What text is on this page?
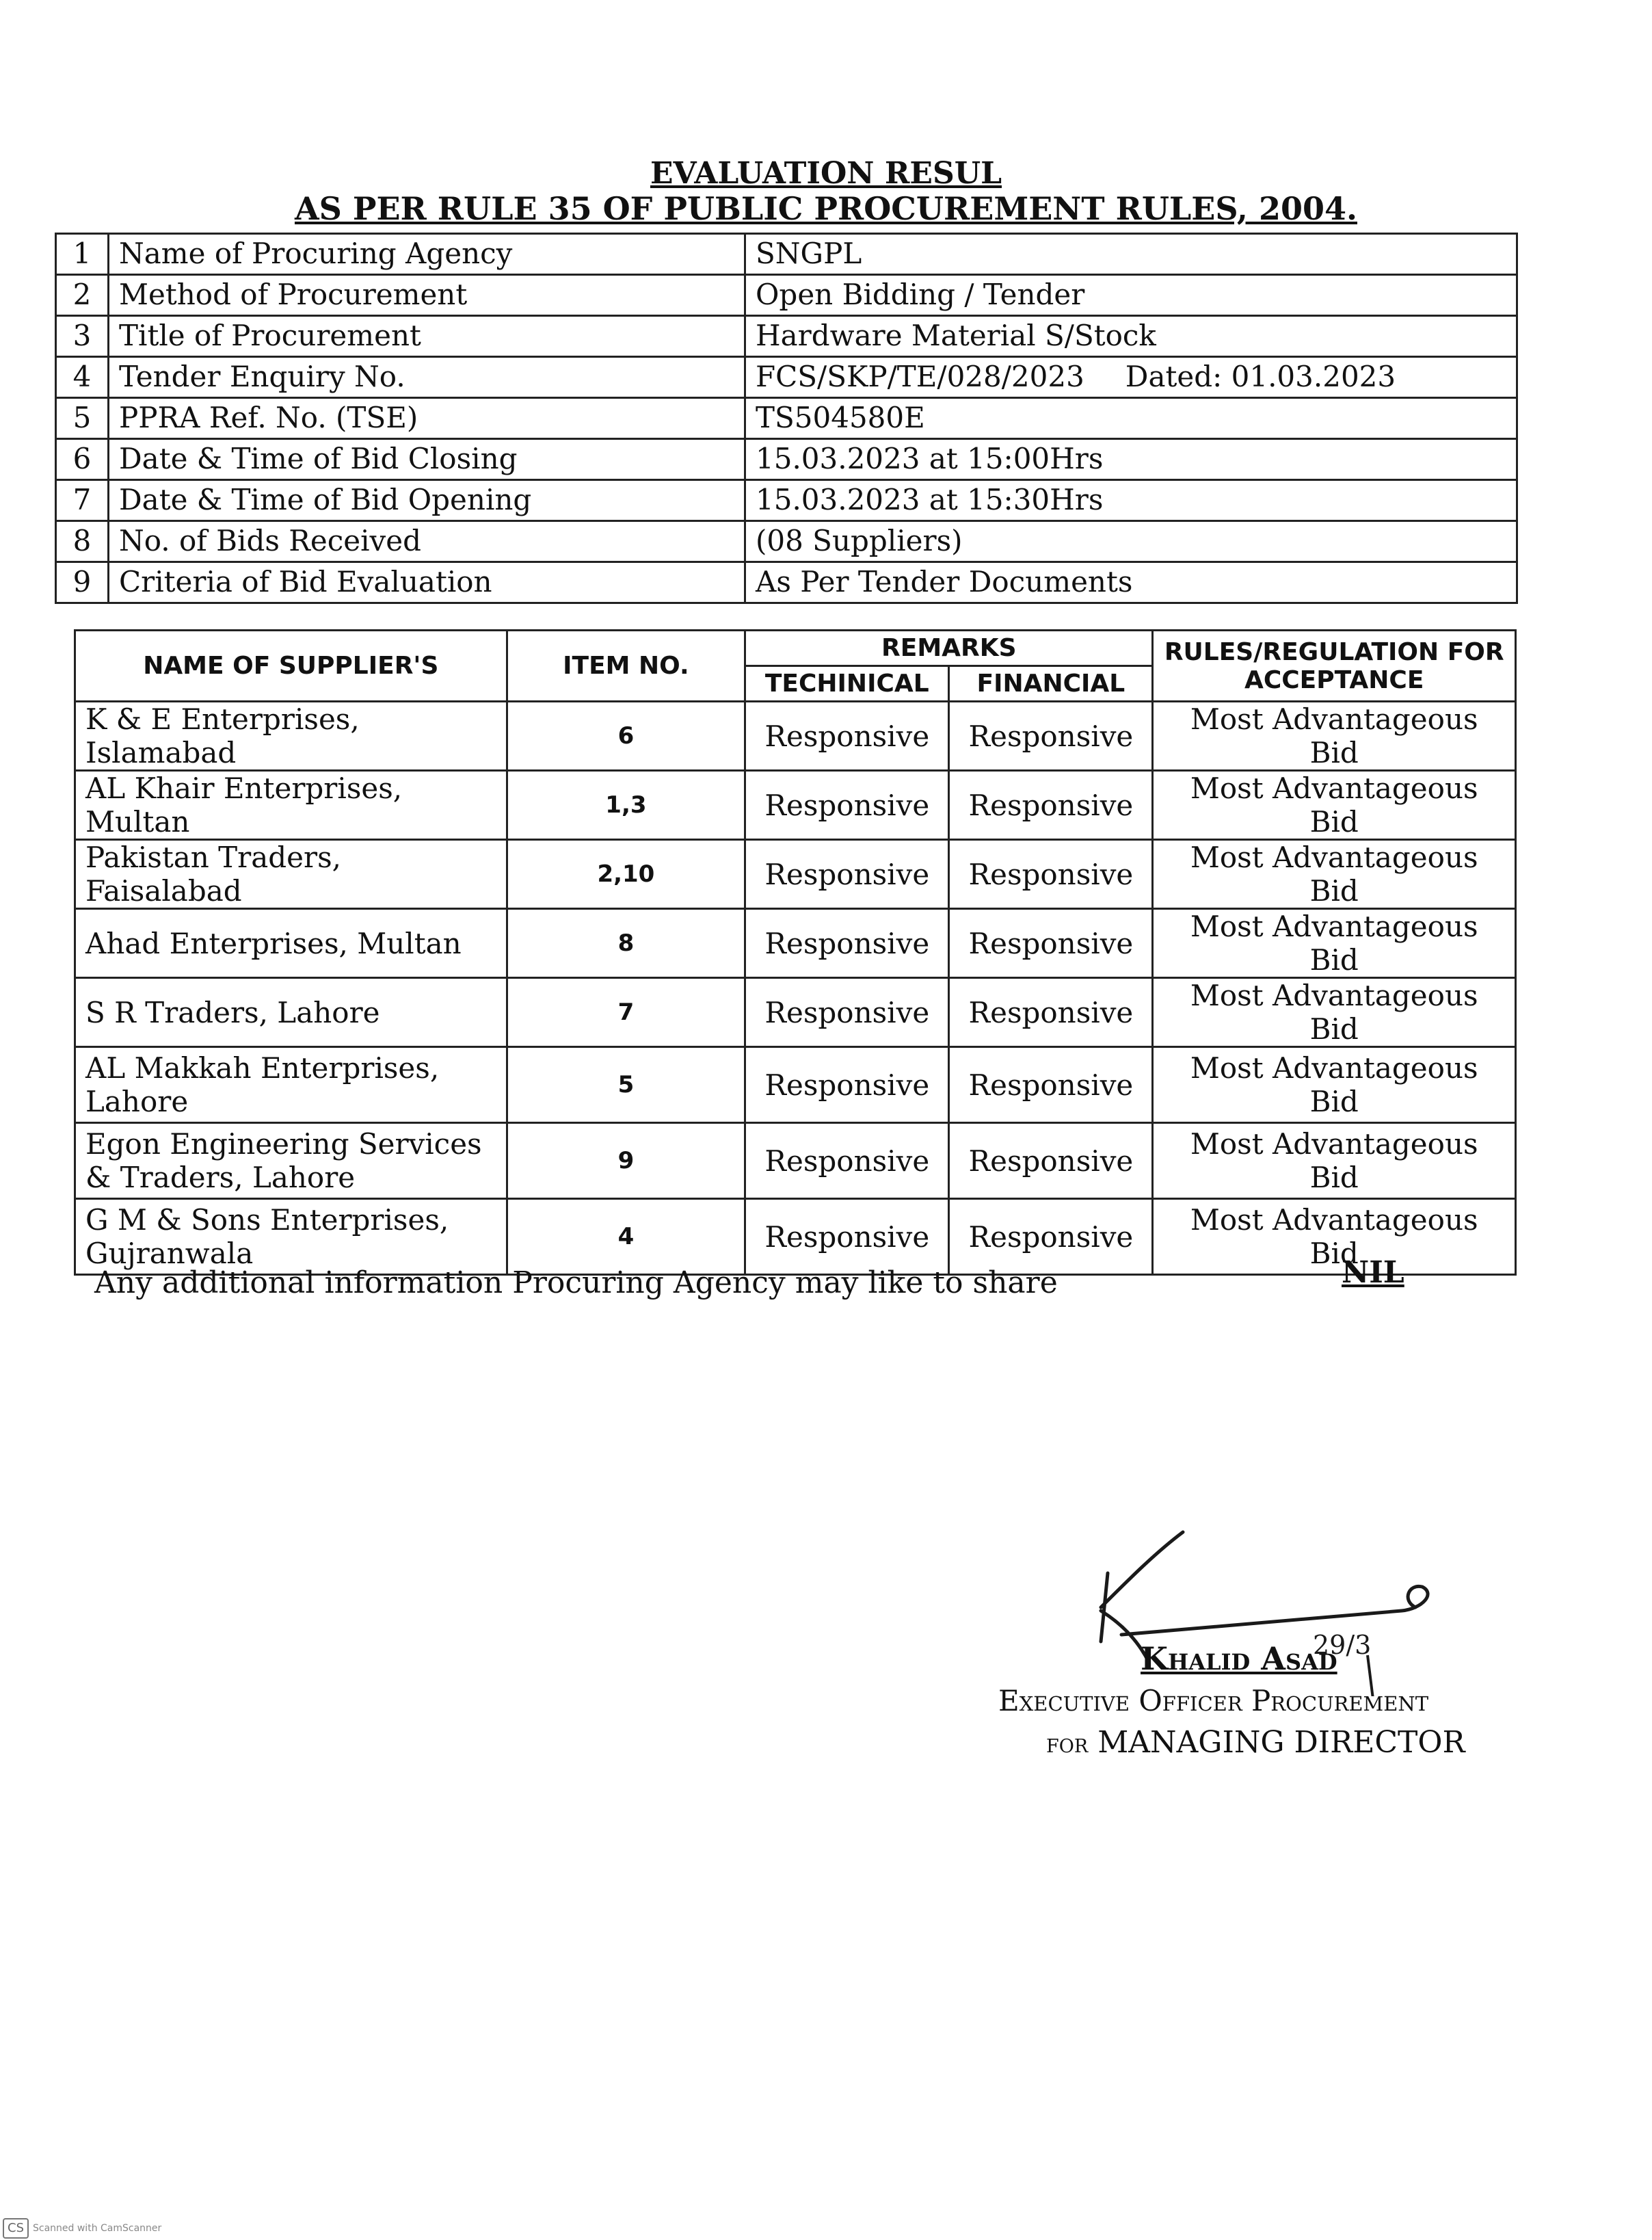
EVALUATION RESUL
AS PER RULE 35 OF PUBLIC PROCUREMENT RULES, 2004.
1	Name of Procuring Agency	SNGPL
2	Method of Procurement	Open Bidding / Tender
3	Title of Procurement	Hardware Material S/Stock
4	Tender Enquiry No.	FCS/SKP/TE/028/2023 Dated: 01.03.2023
5	PPRA Ref. No. (TSE)	TS504580E
6	Date & Time of Bid Closing	15.03.2023 at 15:00Hrs
7	Date & Time of Bid Opening	15.03.2023 at 15:30Hrs
8	No. of Bids Received	(08 Suppliers)
9	Criteria of Bid Evaluation	As Per Tender Documents
NAME OF SUPPLIER'S	ITEM NO.	REMARKS		RULES/REGULATION FOR ACCEPTANCE
		TECHINICAL	FINANCIAL	
K & E Enterprises, Islamabad	6	Responsive	Responsive	Most Advantageous Bid
AL Khair Enterprises, Multan	1,3	Responsive	Responsive	Most Advantageous Bid
Pakistan Traders, Faisalabad	2,10	Responsive	Responsive	Most Advantageous Bid
Ahad Enterprises, Multan	8	Responsive	Responsive	Most Advantageous Bid
S R Traders, Lahore	7	Responsive	Responsive	Most Advantageous Bid
AL Makkah Enterprises, Lahore	5	Responsive	Responsive	Most Advantageous Bid
Egon Engineering Services & Traders, Lahore	9	Responsive	Responsive	Most Advantageous Bid
G M & Sons Enterprises, Gujranwala	4	Responsive	Responsive	Most Advantageous Bid
Any additional information Procuring Agency may like to share	NIL
29/3
Khalid Asad
Executive Officer Procurement
for MANAGING DIRECTOR
CS Scanned with CamScanner
